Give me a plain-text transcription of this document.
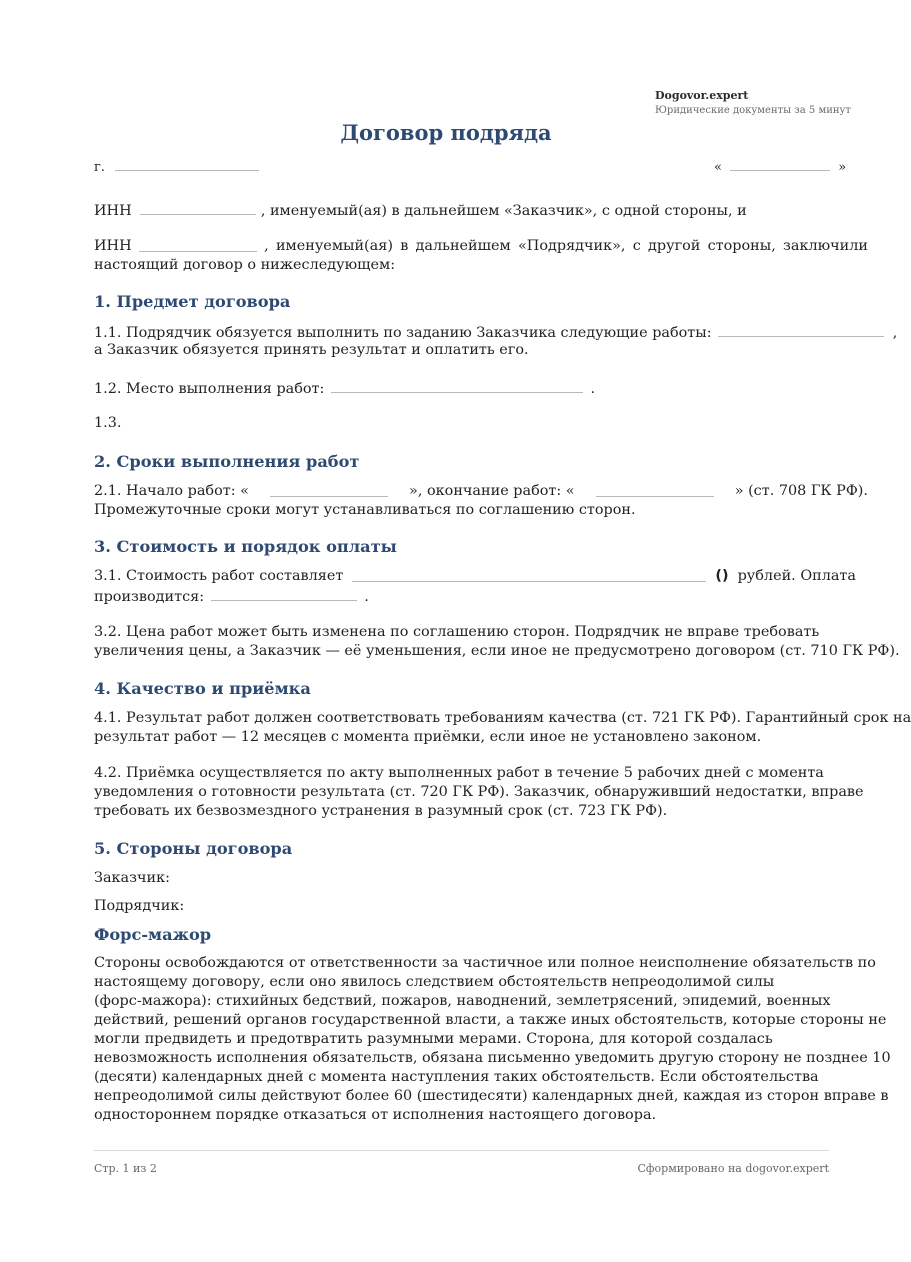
Dogovor.expert
Юридические документы за 5 минут
Договор подряда
г.	«	»
ИНН	, именуемый(ая) в дальнейшем «Заказчик», с одной стороны, и
ИНН	, именуемый(ая) в дальнейшем «Подрядчик», с другой стороны, заключили
настоящий договор о нижеследующем:
1. Предмет договора
1.1. Подрядчик обязуется выполнить по заданию Заказчика следующие работы:	,
а Заказчик обязуется принять результат и оплатить его.
1.2. Место выполнения работ:	.
1.3.
2. Сроки выполнения работ
2.1. Начало работ: «	», окончание работ: «	» (ст. 708 ГК РФ).
Промежуточные сроки могут устанавливаться по соглашению сторон.
3. Стоимость и порядок оплаты
3.1. Стоимость работ составляет	() рублей. Оплата
производится:	.
3.2. Цена работ может быть изменена по соглашению сторон. Подрядчик не вправе требовать
увеличения цены, а Заказчик — её уменьшения, если иное не предусмотрено договором (ст. 710 ГК РФ).
4. Качество и приёмка
4.1. Результат работ должен соответствовать требованиям качества (ст. 721 ГК РФ). Гарантийный срок на
результат работ — 12 месяцев с момента приёмки, если иное не установлено законом.
4.2. Приёмка осуществляется по акту выполненных работ в течение 5 рабочих дней с момента
уведомления о готовности результата (ст. 720 ГК РФ). Заказчик, обнаруживший недостатки, вправе
требовать их безвозмездного устранения в разумный срок (ст. 723 ГК РФ).
5. Стороны договора
Заказчик:
Подрядчик:
Форс-мажор
Стороны освобождаются от ответственности за частичное или полное неисполнение обязательств по
настоящему договору, если оно явилось следствием обстоятельств непреодолимой силы
(форс-мажора): стихийных бедствий, пожаров, наводнений, землетрясений, эпидемий, военных
действий, решений органов государственной власти, а также иных обстоятельств, которые стороны не
могли предвидеть и предотвратить разумными мерами. Сторона, для которой создалась
невозможность исполнения обязательств, обязана письменно уведомить другую сторону не позднее 10
(десяти) календарных дней с момента наступления таких обстоятельств. Если обстоятельства
непреодолимой силы действуют более 60 (шестидесяти) календарных дней, каждая из сторон вправе в
одностороннем порядке отказаться от исполнения настоящего договора.
Стр. 1 из 2	Сформировано на dogovor.expert
